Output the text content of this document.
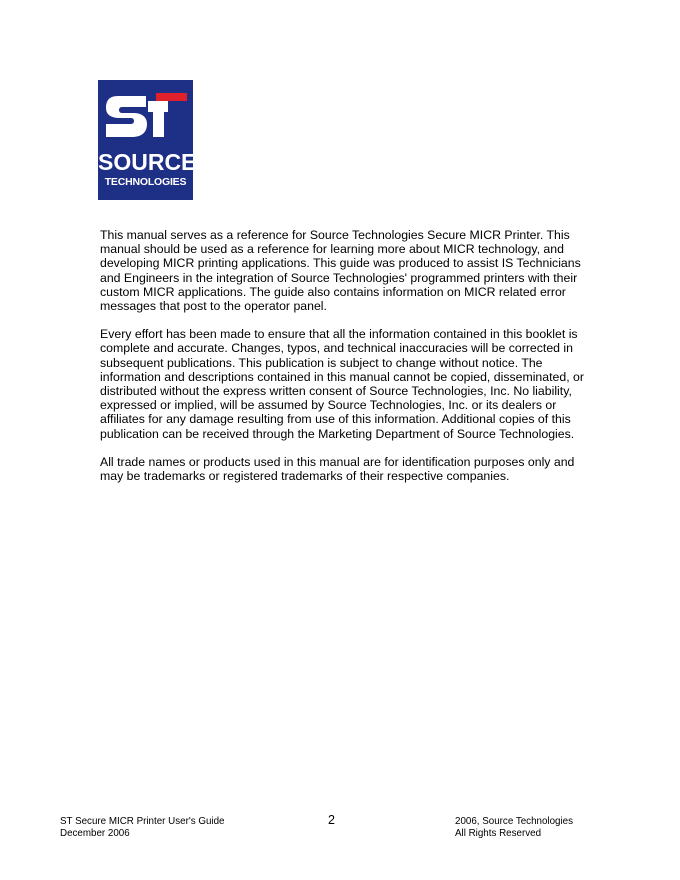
SOURCE
TECHNOLOGIES

This manual serves as a reference for Source Technologies Secure MICR Printer. This manual should be used as a reference for learning more about MICR technology, and developing MICR printing applications. This guide was produced to assist IS Technicians and Engineers in the integration of Source Technologies' programmed printers with their custom MICR applications. The guide also contains information on MICR related error messages that post to the operator panel.

Every effort has been made to ensure that all the information contained in this booklet is complete and accurate. Changes, typos, and technical inaccuracies will be corrected in subsequent publications. This publication is subject to change without notice. The information and descriptions contained in this manual cannot be copied, disseminated, or distributed without the express written consent of Source Technologies, Inc. No liability, expressed or implied, will be assumed by Source Technologies, Inc. or its dealers or affiliates for any damage resulting from use of this information. Additional copies of this publication can be received through the Marketing Department of Source Technologies.

All trade names or products used in this manual are for identification purposes only and may be trademarks or registered trademarks of their respective companies.

ST Secure MICR Printer User's Guide
December 2006
2	2006, Source Technologies
All Rights Reserved
